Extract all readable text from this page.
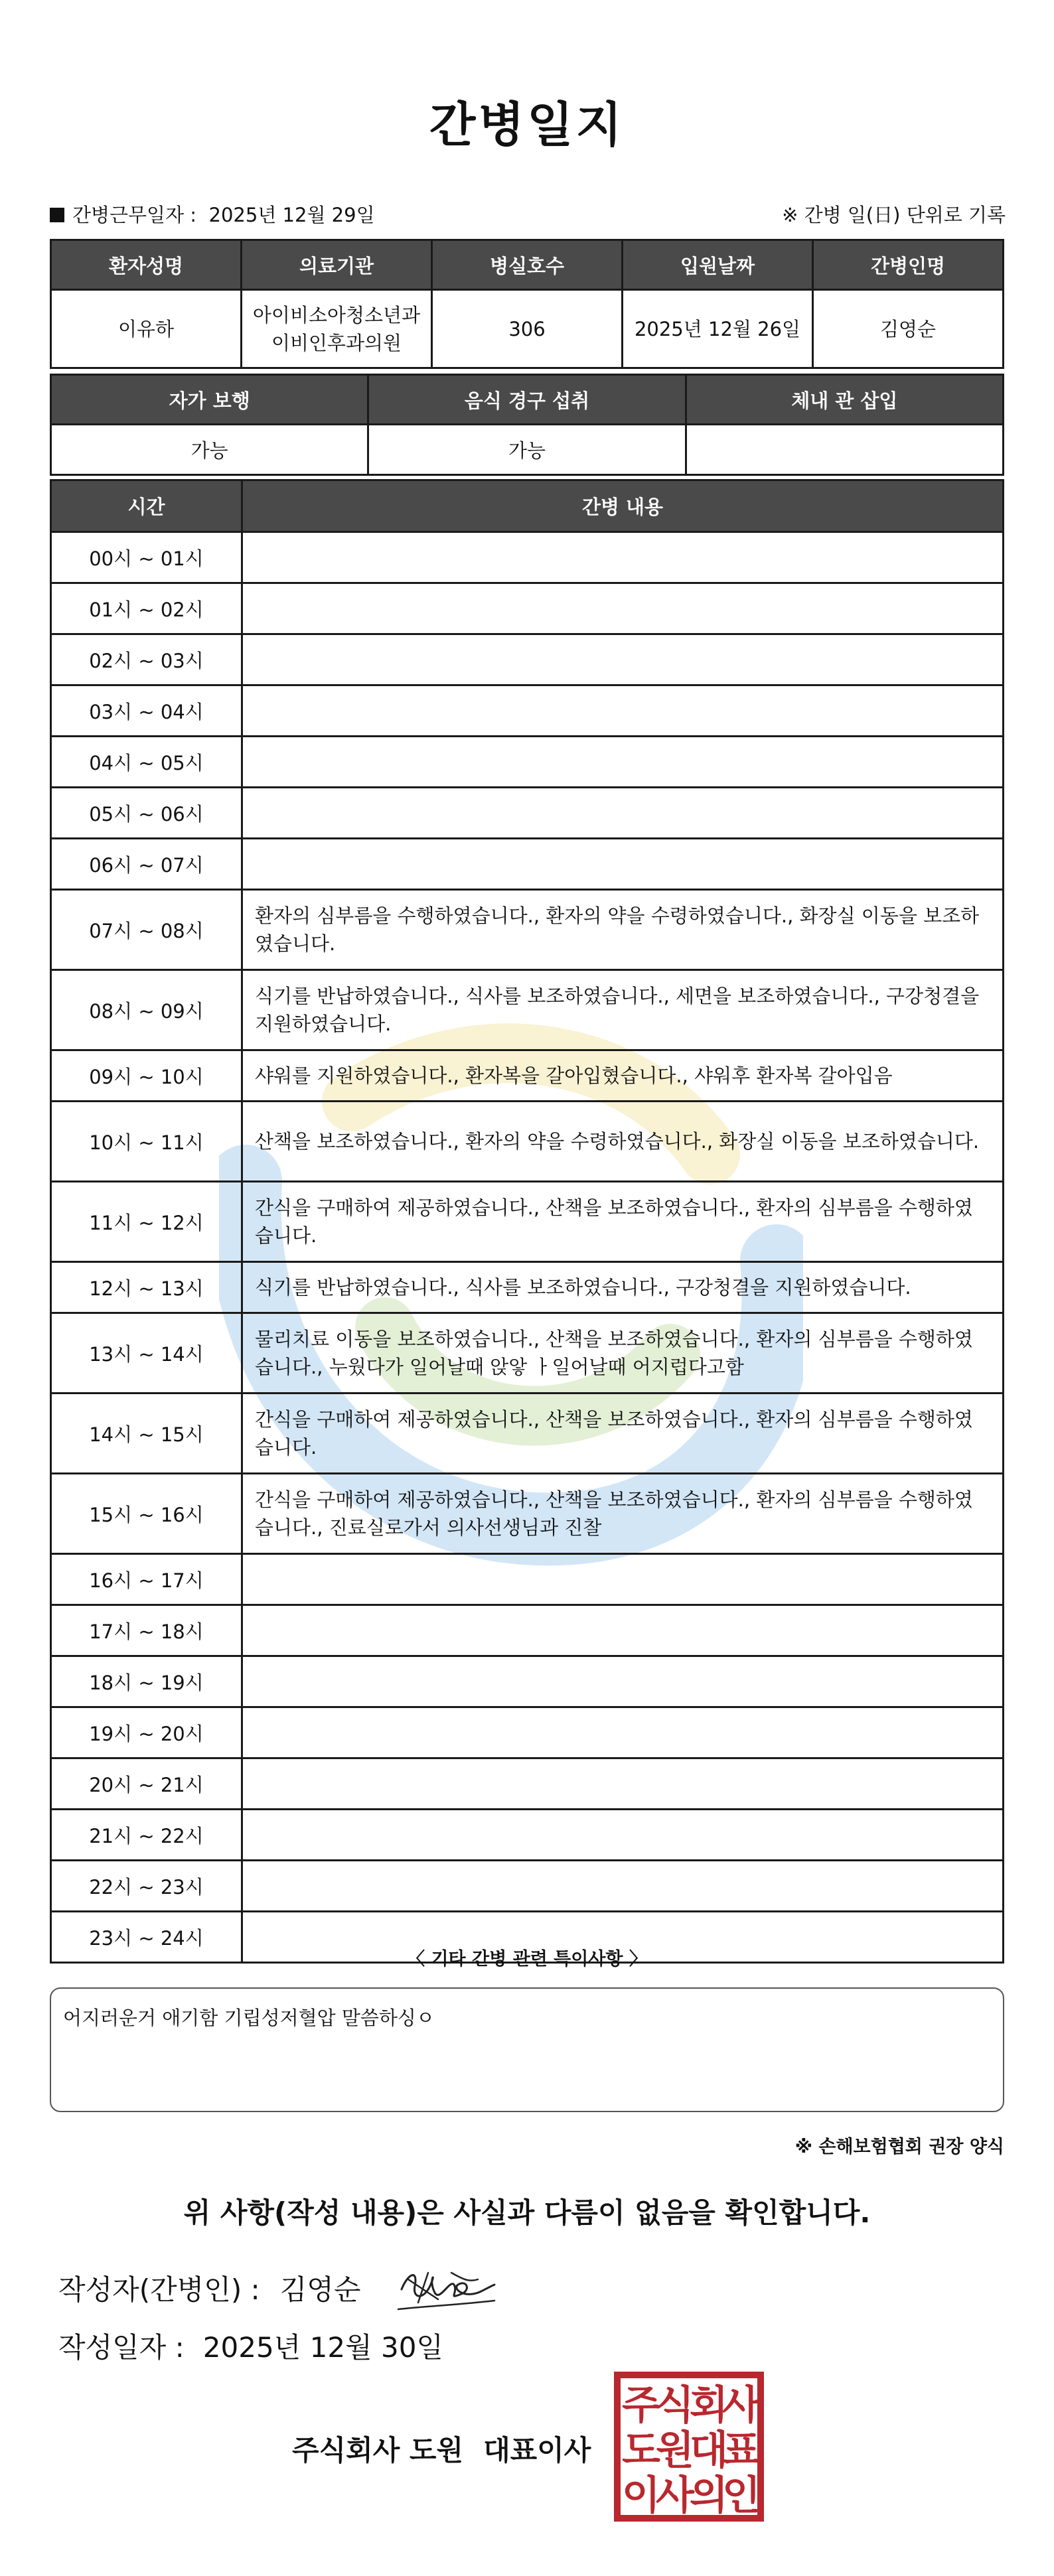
간병일지
간병근무일자 : 2025년 12월 29일	※ 간병 일(日) 단위로 기록
환자성명	의료기관	병실호수	입원날짜	간병인명
이유하	아이비소아청소년과 이비인후과의원	306	2025년 12월 26일	김영순
자가 보행	음식 경구 섭취	체내 관 삽입
가능	가능	
시간	간병 내용
00시 ~ 01시	
01시 ~ 02시	
02시 ~ 03시	
03시 ~ 04시	
04시 ~ 05시	
05시 ~ 06시	
06시 ~ 07시	
07시 ~ 08시	환자의 심부름을 수행하였습니다., 환자의 약을 수령하였습니다., 화장실 이동을 보조하였습니다.
08시 ~ 09시	식기를 반납하였습니다., 식사를 보조하였습니다., 세면을 보조하였습니다., 구강청결을 지원하였습니다.
09시 ~ 10시	샤워를 지원하였습니다., 환자복을 갈아입혔습니다., 샤워후 환자복 갈아입음
10시 ~ 11시	산책을 보조하였습니다., 환자의 약을 수령하였습니다., 화장실 이동을 보조하였습니다.
11시 ~ 12시	간식을 구매하여 제공하였습니다., 산책을 보조하였습니다., 환자의 심부름을 수행하였습니다.
12시 ~ 13시	식기를 반납하였습니다., 식사를 보조하였습니다., 구강청결을 지원하였습니다.
13시 ~ 14시	물리치료 이동을 보조하였습니다., 산책을 보조하였습니다., 환자의 심부름을 수행하였습니다., 누웠다가 일어날때 앉앟 ㅏ일어날때 어지럽다고함
14시 ~ 15시	간식을 구매하여 제공하였습니다., 산책을 보조하였습니다., 환자의 심부름을 수행하였습니다.
15시 ~ 16시	간식을 구매하여 제공하였습니다., 산책을 보조하였습니다., 환자의 심부름을 수행하였습니다., 진료실로가서 의사선생님과 진찰
16시 ~ 17시	
17시 ~ 18시	
18시 ~ 19시	
19시 ~ 20시	
20시 ~ 21시	
21시 ~ 22시	
22시 ~ 23시	
23시 ~ 24시	
〈 기타 간병 관련 특이사항 〉
어지러운거 애기함 기립성저혈압 말씀하싱ㅇ
※ 손해보험협회 권장 양식
위 사항(작성 내용)은 사실과 다름이 없음을 확인합니다.
작성자(간병인) : 김영순
작성일자 : 2025년 12월 30일
주식회사 도원 대표이사
주
식
회
사
도
원
대
표
이
사
의
인
